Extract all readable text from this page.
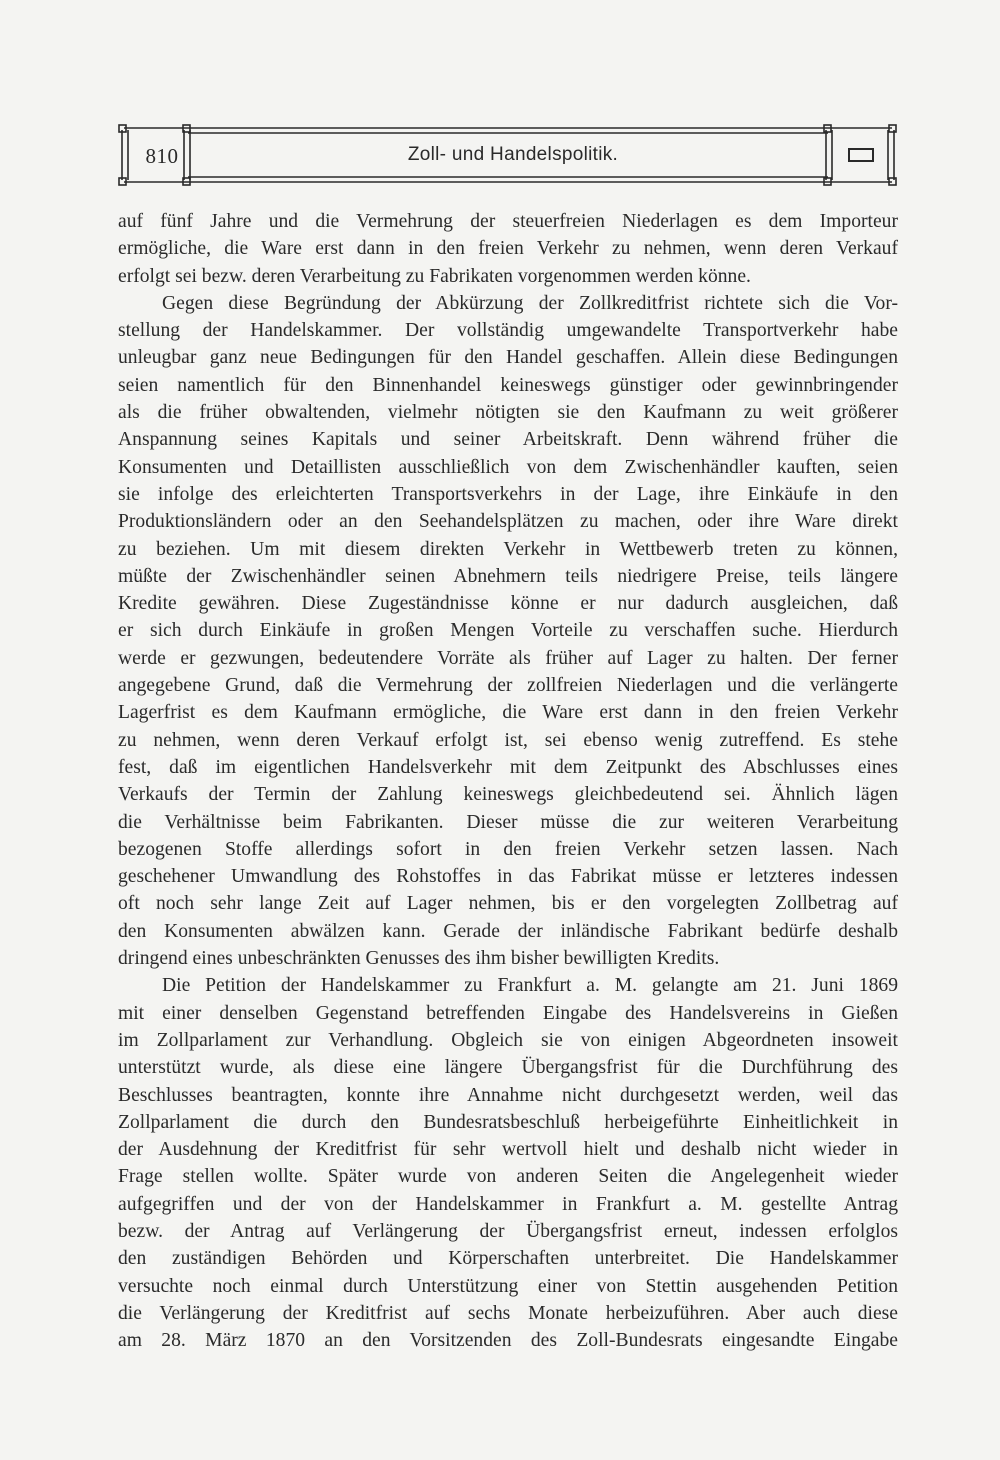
810	Zoll- und Handelspolitik.
auf fünf Jahre und die Vermehrung der steuerfreien Niederlagen es dem Importeur
ermögliche, die Ware erst dann in den freien Verkehr zu nehmen, wenn deren Verkauf
erfolgt sei bezw. deren Verarbeitung zu Fabrikaten vorgenommen werden könne.
Gegen diese Begründung der Abkürzung der Zollkreditfrist richtete sich die Vor-
stellung der Handelskammer. Der vollständig umgewandelte Transportverkehr habe
unleugbar ganz neue Bedingungen für den Handel geschaffen. Allein diese Bedingungen
seien namentlich für den Binnenhandel keineswegs günstiger oder gewinnbringender
als die früher obwaltenden, vielmehr nötigten sie den Kaufmann zu weit größerer
Anspannung seines Kapitals und seiner Arbeitskraft. Denn während früher die
Konsumenten und Detaillisten ausschließlich von dem Zwischenhändler kauften, seien
sie infolge des erleichterten Transportsverkehrs in der Lage, ihre Einkäufe in den
Produktionsländern oder an den Seehandelsplätzen zu machen, oder ihre Ware direkt
zu beziehen. Um mit diesem direkten Verkehr in Wettbewerb treten zu können,
müßte der Zwischenhändler seinen Abnehmern teils niedrigere Preise, teils längere
Kredite gewähren. Diese Zugeständnisse könne er nur dadurch ausgleichen, daß
er sich durch Einkäufe in großen Mengen Vorteile zu verschaffen suche. Hierdurch
werde er gezwungen, bedeutendere Vorräte als früher auf Lager zu halten. Der ferner
angegebene Grund, daß die Vermehrung der zollfreien Niederlagen und die verlängerte
Lagerfrist es dem Kaufmann ermögliche, die Ware erst dann in den freien Verkehr
zu nehmen, wenn deren Verkauf erfolgt ist, sei ebenso wenig zutreffend. Es stehe
fest, daß im eigentlichen Handelsverkehr mit dem Zeitpunkt des Abschlusses eines
Verkaufs der Termin der Zahlung keineswegs gleichbedeutend sei. Ähnlich lägen
die Verhältnisse beim Fabrikanten. Dieser müsse die zur weiteren Verarbeitung
bezogenen Stoffe allerdings sofort in den freien Verkehr setzen lassen. Nach
geschehener Umwandlung des Rohstoffes in das Fabrikat müsse er letzteres indessen
oft noch sehr lange Zeit auf Lager nehmen, bis er den vorgelegten Zollbetrag auf
den Konsumenten abwälzen kann. Gerade der inländische Fabrikant bedürfe deshalb
dringend eines unbeschränkten Genusses des ihm bisher bewilligten Kredits.
Die Petition der Handelskammer zu Frankfurt a. M. gelangte am 21. Juni 1869
mit einer denselben Gegenstand betreffenden Eingabe des Handelsvereins in Gießen
im Zollparlament zur Verhandlung. Obgleich sie von einigen Abgeordneten insoweit
unterstützt wurde, als diese eine längere Übergangsfrist für die Durchführung des
Beschlusses beantragten, konnte ihre Annahme nicht durchgesetzt werden, weil das
Zollparlament die durch den Bundesratsbeschluß herbeigeführte Einheitlichkeit in
der Ausdehnung der Kreditfrist für sehr wertvoll hielt und deshalb nicht wieder in
Frage stellen wollte. Später wurde von anderen Seiten die Angelegenheit wieder
aufgegriffen und der von der Handelskammer in Frankfurt a. M. gestellte Antrag
bezw. der Antrag auf Verlängerung der Übergangsfrist erneut, indessen erfolglos
den zuständigen Behörden und Körperschaften unterbreitet. Die Handelskammer
versuchte noch einmal durch Unterstützung einer von Stettin ausgehenden Petition
die Verlängerung der Kreditfrist auf sechs Monate herbeizuführen. Aber auch diese
am 28. März 1870 an den Vorsitzenden des Zoll-Bundesrats eingesandte Eingabe
